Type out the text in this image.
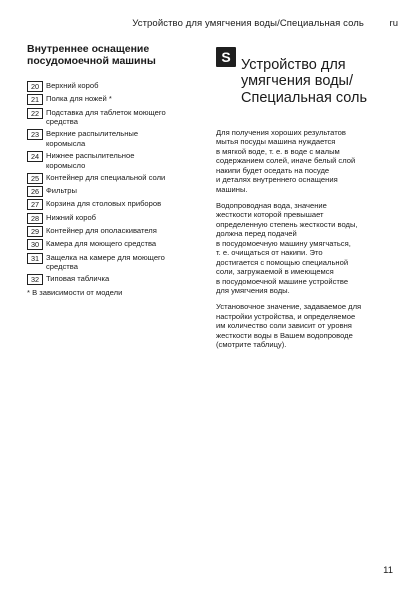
Устройство для умягчения воды/Специальная соль	ru
Внутреннее оснащение
посудомоечной машины
20 Верхний короб
21 Полка для ножей *
22 Подставка для таблеток моющего
средства
23 Верхние распылительные
коромысла
24 Нижнее распылительное
коромысло
25 Контейнер для специальной соли
26 Фильтры
27 Корзина для столовых приборов
28 Нижний короб
29 Контейнер для ополаскивателя
30 Камера для моющего средства
31 Защелка на камере для моющего
средства
32 Типовая табличка
* В зависимости от модели
S Устройство для
умягчения воды/
Специальная соль

Для получения хороших результатов
мытья посуды машина нуждается
в мягкой воде, т. е. в воде с малым
содержанием солей, иначе белый слой
накипи будет оседать на посуде
и деталях внутреннего оснащения
машины.

Водопроводная вода, значение
жесткости которой превышает
определенную степень жесткости воды,
должна перед подачей
в посудомоечную машину умягчаться,
т. е. очищаться от накипи. Это
достигается с помощью специальной
соли, загружаемой в имеющемся
в посудомоечной машине устройстве
для умягчения воды.

Установочное значение, задаваемое для
настройки устройства, и определяемое
им количество соли зависит от уровня
жесткости воды в Вашем водопроводе
(смотрите таблицу).

11
